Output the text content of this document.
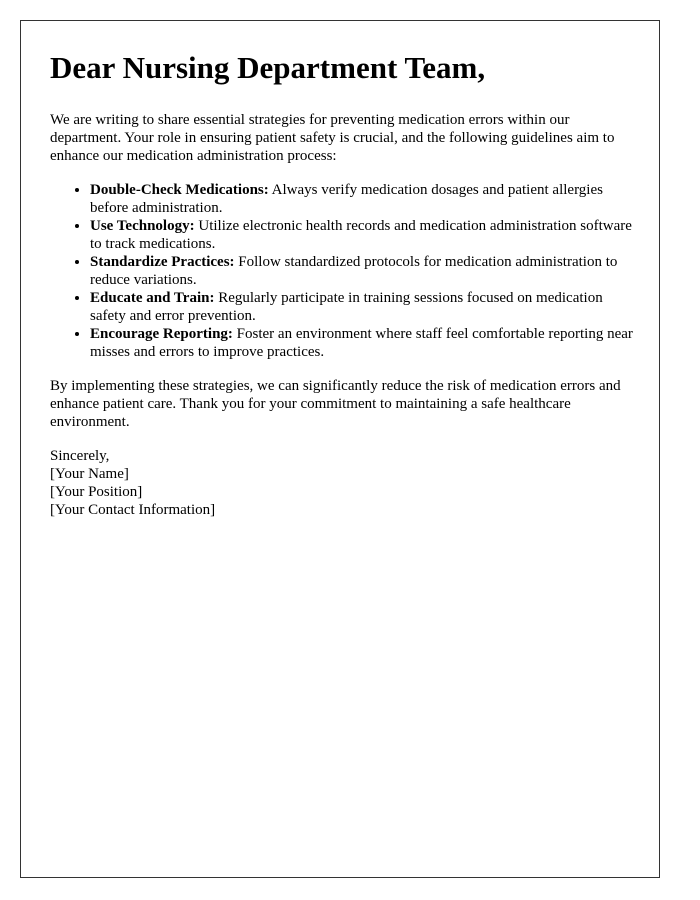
Dear Nursing Department Team,

We are writing to share essential strategies for preventing medication errors within our department. Your role in ensuring patient safety is crucial, and the following guidelines aim to enhance our medication administration process:

• Double-Check Medications: Always verify medication dosages and patient allergies before administration.
• Use Technology: Utilize electronic health records and medication administration software to track medications.
• Standardize Practices: Follow standardized protocols for medication administration to reduce variations.
• Educate and Train: Regularly participate in training sessions focused on medication safety and error prevention.
• Encourage Reporting: Foster an environment where staff feel comfortable reporting near misses and errors to improve practices.

By implementing these strategies, we can significantly reduce the risk of medication errors and enhance patient care. Thank you for your commitment to maintaining a safe healthcare environment.

Sincerely,
[Your Name]
[Your Position]
[Your Contact Information]
